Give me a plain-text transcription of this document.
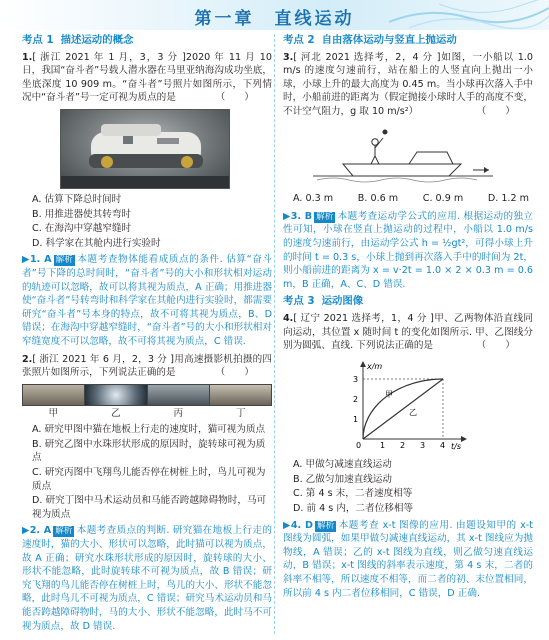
第一章　直线运动
考点 1 描述运动的概念
1.[ 浙江 2021 年 1 月，3，3 分 ]2020 年 11 月 10 日，我国“奋斗者”号载人潜水器在马里亚纳海沟成功坐底，坐底深度 10 909 m。“奋斗者”号照片如图所示，下列情况中“奋斗者”号一定可视为质点的是	（　　）
A. 估算下降总时间时
B. 用推进器使其转弯时
C. 在海沟中穿越窄缝时
D. 科学家在其舱内进行实验时
▶1. A 解析 本题考查物体能看成质点的条件. 估算“奋斗者”号下降的总时间时，“奋斗者”号的大小和形状相对运动的轨迹可以忽略，故可以将其视为质点，A 正确；用推进器使“奋斗者”号转弯时和科学家在其舱内进行实验时，都需要研究“奋斗者”号本身的特点，故不可将其视为质点，B、D 错误；在海沟中穿越窄缝时，“奋斗者”号的大小和形状相对窄缝宽度不可以忽略，故不可将其视为质点，C 错误.
2.[ 浙江 2021 年 6 月，2，3 分 ]用高速摄影机拍摄的四张照片如图所示，下列说法正确的是	（　　）
甲	乙	丙	丁
A. 研究甲图中猫在地板上行走的速度时，猫可视为质点
B. 研究乙图中水珠形状形成的原因时，旋转球可视为质点
C. 研究丙图中飞翔鸟儿能否停在树桩上时，鸟儿可视为质点
D. 研究丁图中马术运动员和马能否跨越障碍物时，马可视为质点
▶2. A 解析 本题考查质点的判断. 研究猫在地板上行走的速度时，猫的大小、形状可以忽略，此时猫可以视为质点，故 A 正确；研究水珠形状形成的原因时，旋转球的大小、形状不能忽略，此时旋转球不可视为质点，故 B 错误；研究飞翔的鸟儿能否停在树桩上时，鸟儿的大小、形状不能忽略，此时鸟儿不可视为质点，C 错误；研究马术运动员和马能否跨越障碍物时，马的大小、形状不能忽略，此时马不可视为质点，故 D 错误.
考点 2 自由落体运动与竖直上抛运动
3.[ 河北 2021 选择考，2，4 分 ]如图，一小船以 1.0 m/s 的速度匀速前行，站在船上的人竖直向上抛出一小球，小球上升的最大高度为 0.45 m。当小球再次落入手中时，小船前进的距离为（假定抛接小球时人手的高度不变，不计空气阻力，g 取 10 m/s²）	（　　）
A. 0.3 m	B. 0.6 m	C. 0.9 m	D. 1.2 m
▶3. B 解析 本题考查运动学公式的应用. 根据运动的独立性可知，小球在竖直上抛运动的过程中，小船以 1.0 m/s 的速度匀速前行，由运动学公式 h = ½gt²，可得小球上升的时间 t = 0.3 s，小球上抛到再次落入手中的时间为 2t，则小船前进的距离为 x = v·2t = 1.0 × 2 × 0.3 m = 0.6 m，B 正确，A、C、D 错误.
考点 3 运动图像
4.[ 辽宁 2021 选择考，1，4 分 ]甲、乙两物体沿直线同向运动，其位置 x 随时间 t 的变化如图所示. 甲、乙图线分别为圆弧、直线. 下列说法正确的是	（　　）
x/m
t/s
1
2
3
0 1 2 3 4
甲
乙
A. 甲做匀减速直线运动
B. 乙做匀加速直线运动
C. 第 4 s 末，二者速度相等
D. 前 4 s 内，二者位移相等
▶4. D 解析 本题考查 x-t 图像的应用. 由题设知甲的 x-t 图线为圆弧，如果甲做匀减速直线运动，其 x-t 图线应为抛物线，A 错误；乙的 x-t 图线为直线，则乙做匀速直线运动，B 错误；x-t 图线的斜率表示速度，第 4 s 末，二者的斜率不相等，所以速度不相等，而二者的初、末位置相同，所以前 4 s 内二者位移相同，C 错误，D 正确.
